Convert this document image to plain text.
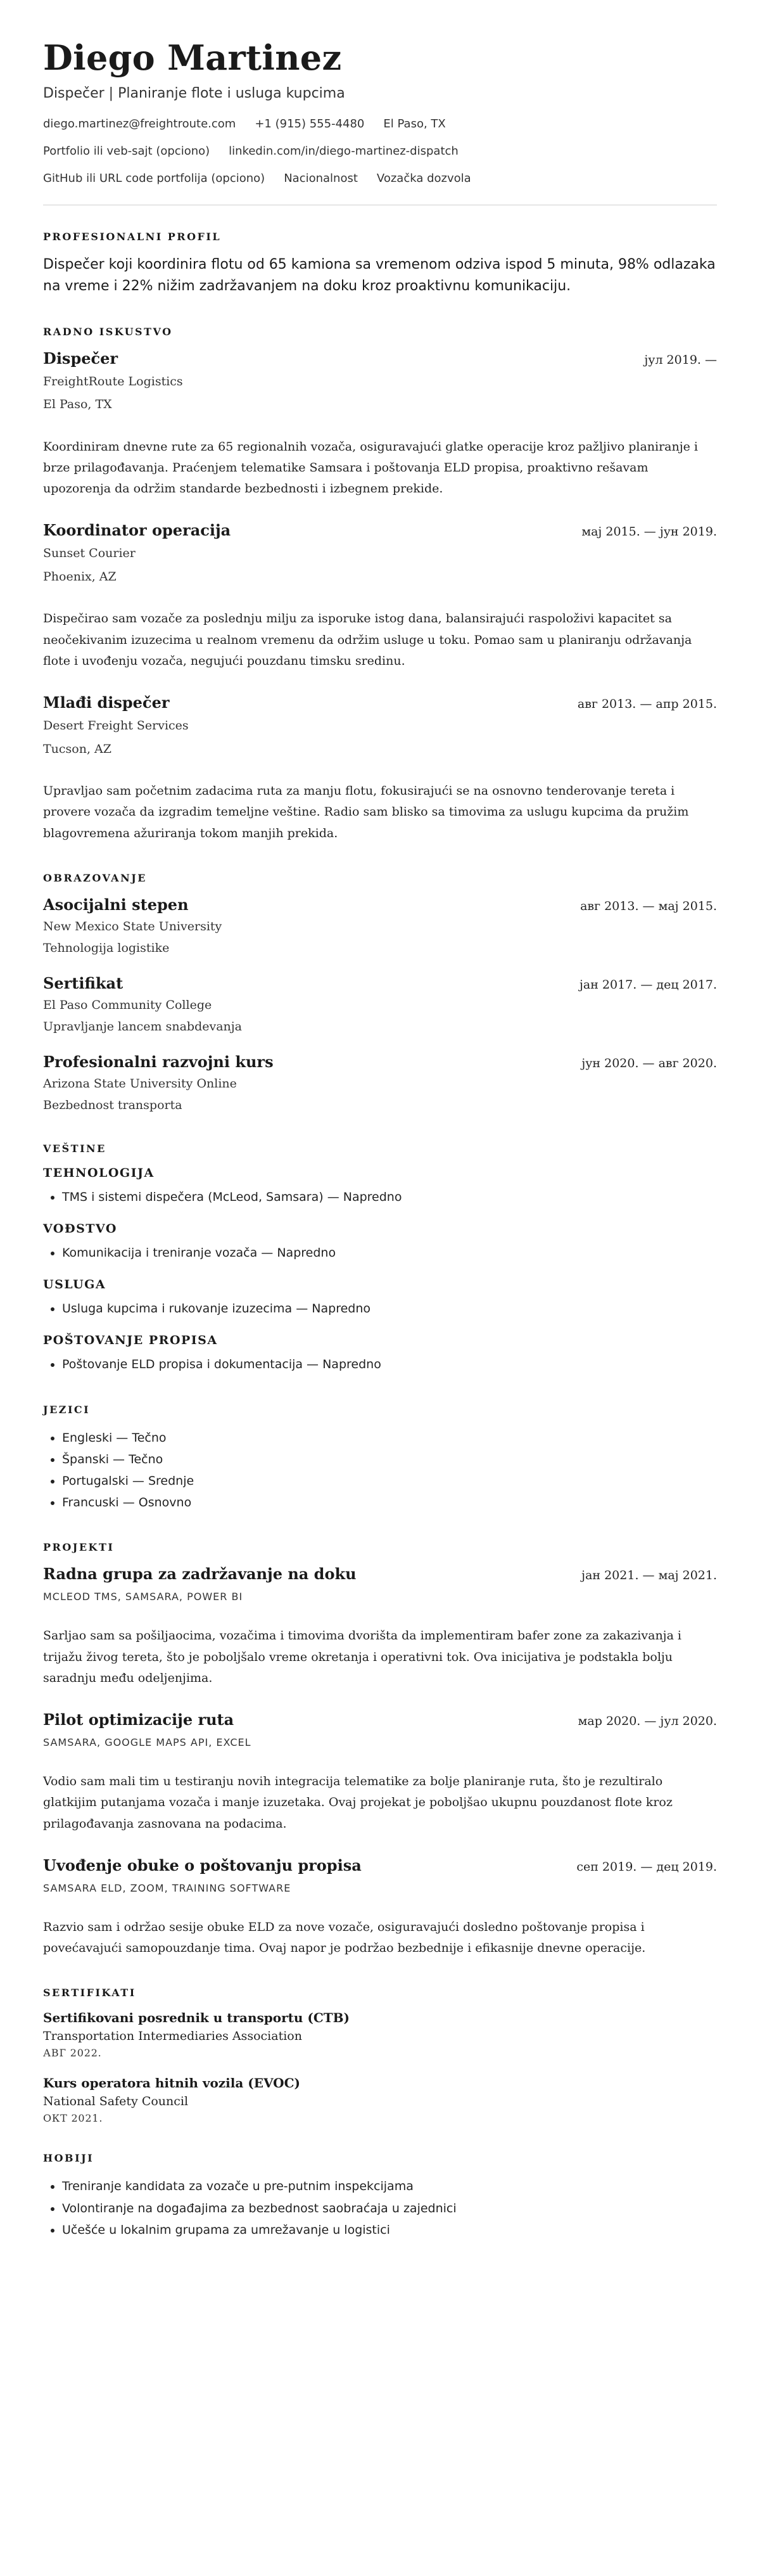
Diego Martinez
Dispečer | Planiranje flote i usluga kupcima
diego.martinez@freightroute.com +1 (915) 555-4480 El Paso, TX
Portfolio ili veb-sajt (opciono) linkedin.com/in/diego-martinez-dispatch
GitHub ili URL code portfolija (opciono) Nacionalnost Vozačka dozvola
PROFESIONALNI PROFIL

Dispečer koji koordinira flotu od 65 kamiona sa vremenom odziva ispod 5 minuta, 98% odlazaka na vreme i 22% nižim zadržavanjem na doku kroz proaktivnu komunikaciju.

RADNO ISKUSTVO
Dispečer	јул 2019. —
FreightRoute Logistics
El Paso, TX

Koordiniram dnevne rute za 65 regionalnih vozača, osiguravajući glatke operacije kroz pažljivo planiranje i brze prilagođavanja. Praćenjem telematike Samsara i poštovanja ELD propisa, proaktivno rešavam upozorenja da održim standarde bezbednosti i izbegnem prekide.

Koordinator operacija	мај 2015. — јун 2019.
Sunset Courier
Phoenix, AZ

Dispečirao sam vozače za poslednju milju za isporuke istog dana, balansirajući raspoloživi kapacitet sa neočekivanim izuzecima u realnom vremenu da održim usluge u toku. Pomao sam u planiranju održavanja flote i uvođenju vozača, negujući pouzdanu timsku sredinu.

Mlađi dispečer	авг 2013. — апр 2015.
Desert Freight Services
Tucson, AZ

Upravljao sam početnim zadacima ruta za manju flotu, fokusirajući se na osnovno tenderovanje tereta i provere vozača da izgradim temeljne veštine. Radio sam blisko sa timovima za uslugu kupcima da pružim blagovremena ažuriranja tokom manjih prekida.

OBRAZOVANJE
Asocijalni stepen	авг 2013. — мај 2015.
New Mexico State University
Tehnologija logistike
Sertifikat	јан 2017. — дец 2017.
El Paso Community College
Upravljanje lancem snabdevanja
Profesionalni razvojni kurs	јун 2020. — авг 2020.
Arizona State University Online
Bezbednost transporta
VEŠTINE
TEHNOLOGIJA
• TMS i sistemi dispečera (McLeod, Samsara) — Napredno
VOĐSTVO
• Komunikacija i treniranje vozača — Napredno
USLUGA
• Usluga kupcima i rukovanje izuzecima — Napredno
POŠTOVANJE PROPISA
• Poštovanje ELD propisa i dokumentacija — Napredno
JEZICI
• Engleski — Tečno
• Španski — Tečno
• Portugalski — Srednje
• Francuski — Osnovno
PROJEKTI
Radna grupa za zadržavanje na doku	јан 2021. — мај 2021.
MCLEOD TMS, SAMSARA, POWER BI

Sarljao sam sa pošiljaocima, vozačima i timovima dvorišta da implementiram bafer zone za zakazivanja i trijažu živog tereta, što je poboljšalo vreme okretanja i operativni tok. Ova inicijativa je podstakla bolju saradnju među odeljenjima.

Pilot optimizacije ruta	мар 2020. — јул 2020.
SAMSARA, GOOGLE MAPS API, EXCEL

Vodio sam mali tim u testiranju novih integracija telematike za bolje planiranje ruta, što je rezultiralo glatkijim putanjama vozača i manje izuzetaka. Ovaj projekat je poboljšao ukupnu pouzdanost flote kroz prilagođavanja zasnovana na podacima.

Uvođenje obuke o poštovanju propisa	сеп 2019. — дец 2019.
SAMSARA ELD, ZOOM, TRAINING SOFTWARE

Razvio sam i održao sesije obuke ELD za nove vozače, osiguravajući dosledno poštovanje propisa i povećavajući samopouzdanje tima. Ovaj napor je podržao bezbednije i efikasnije dnevne operacije.

SERTIFIKATI
Sertifikovani posrednik u transportu (CTB)
Transportation Intermediaries Association
АВГ 2022.
Kurs operatora hitnih vozila (EVOC)
National Safety Council
ОКТ 2021.
HOBIJI
• Treniranje kandidata za vozače u pre-putnim inspekcijama
• Volontiranje na događajima za bezbednost saobraćaja u zajednici
• Učešće u lokalnim grupama za umrežavanje u logistici
